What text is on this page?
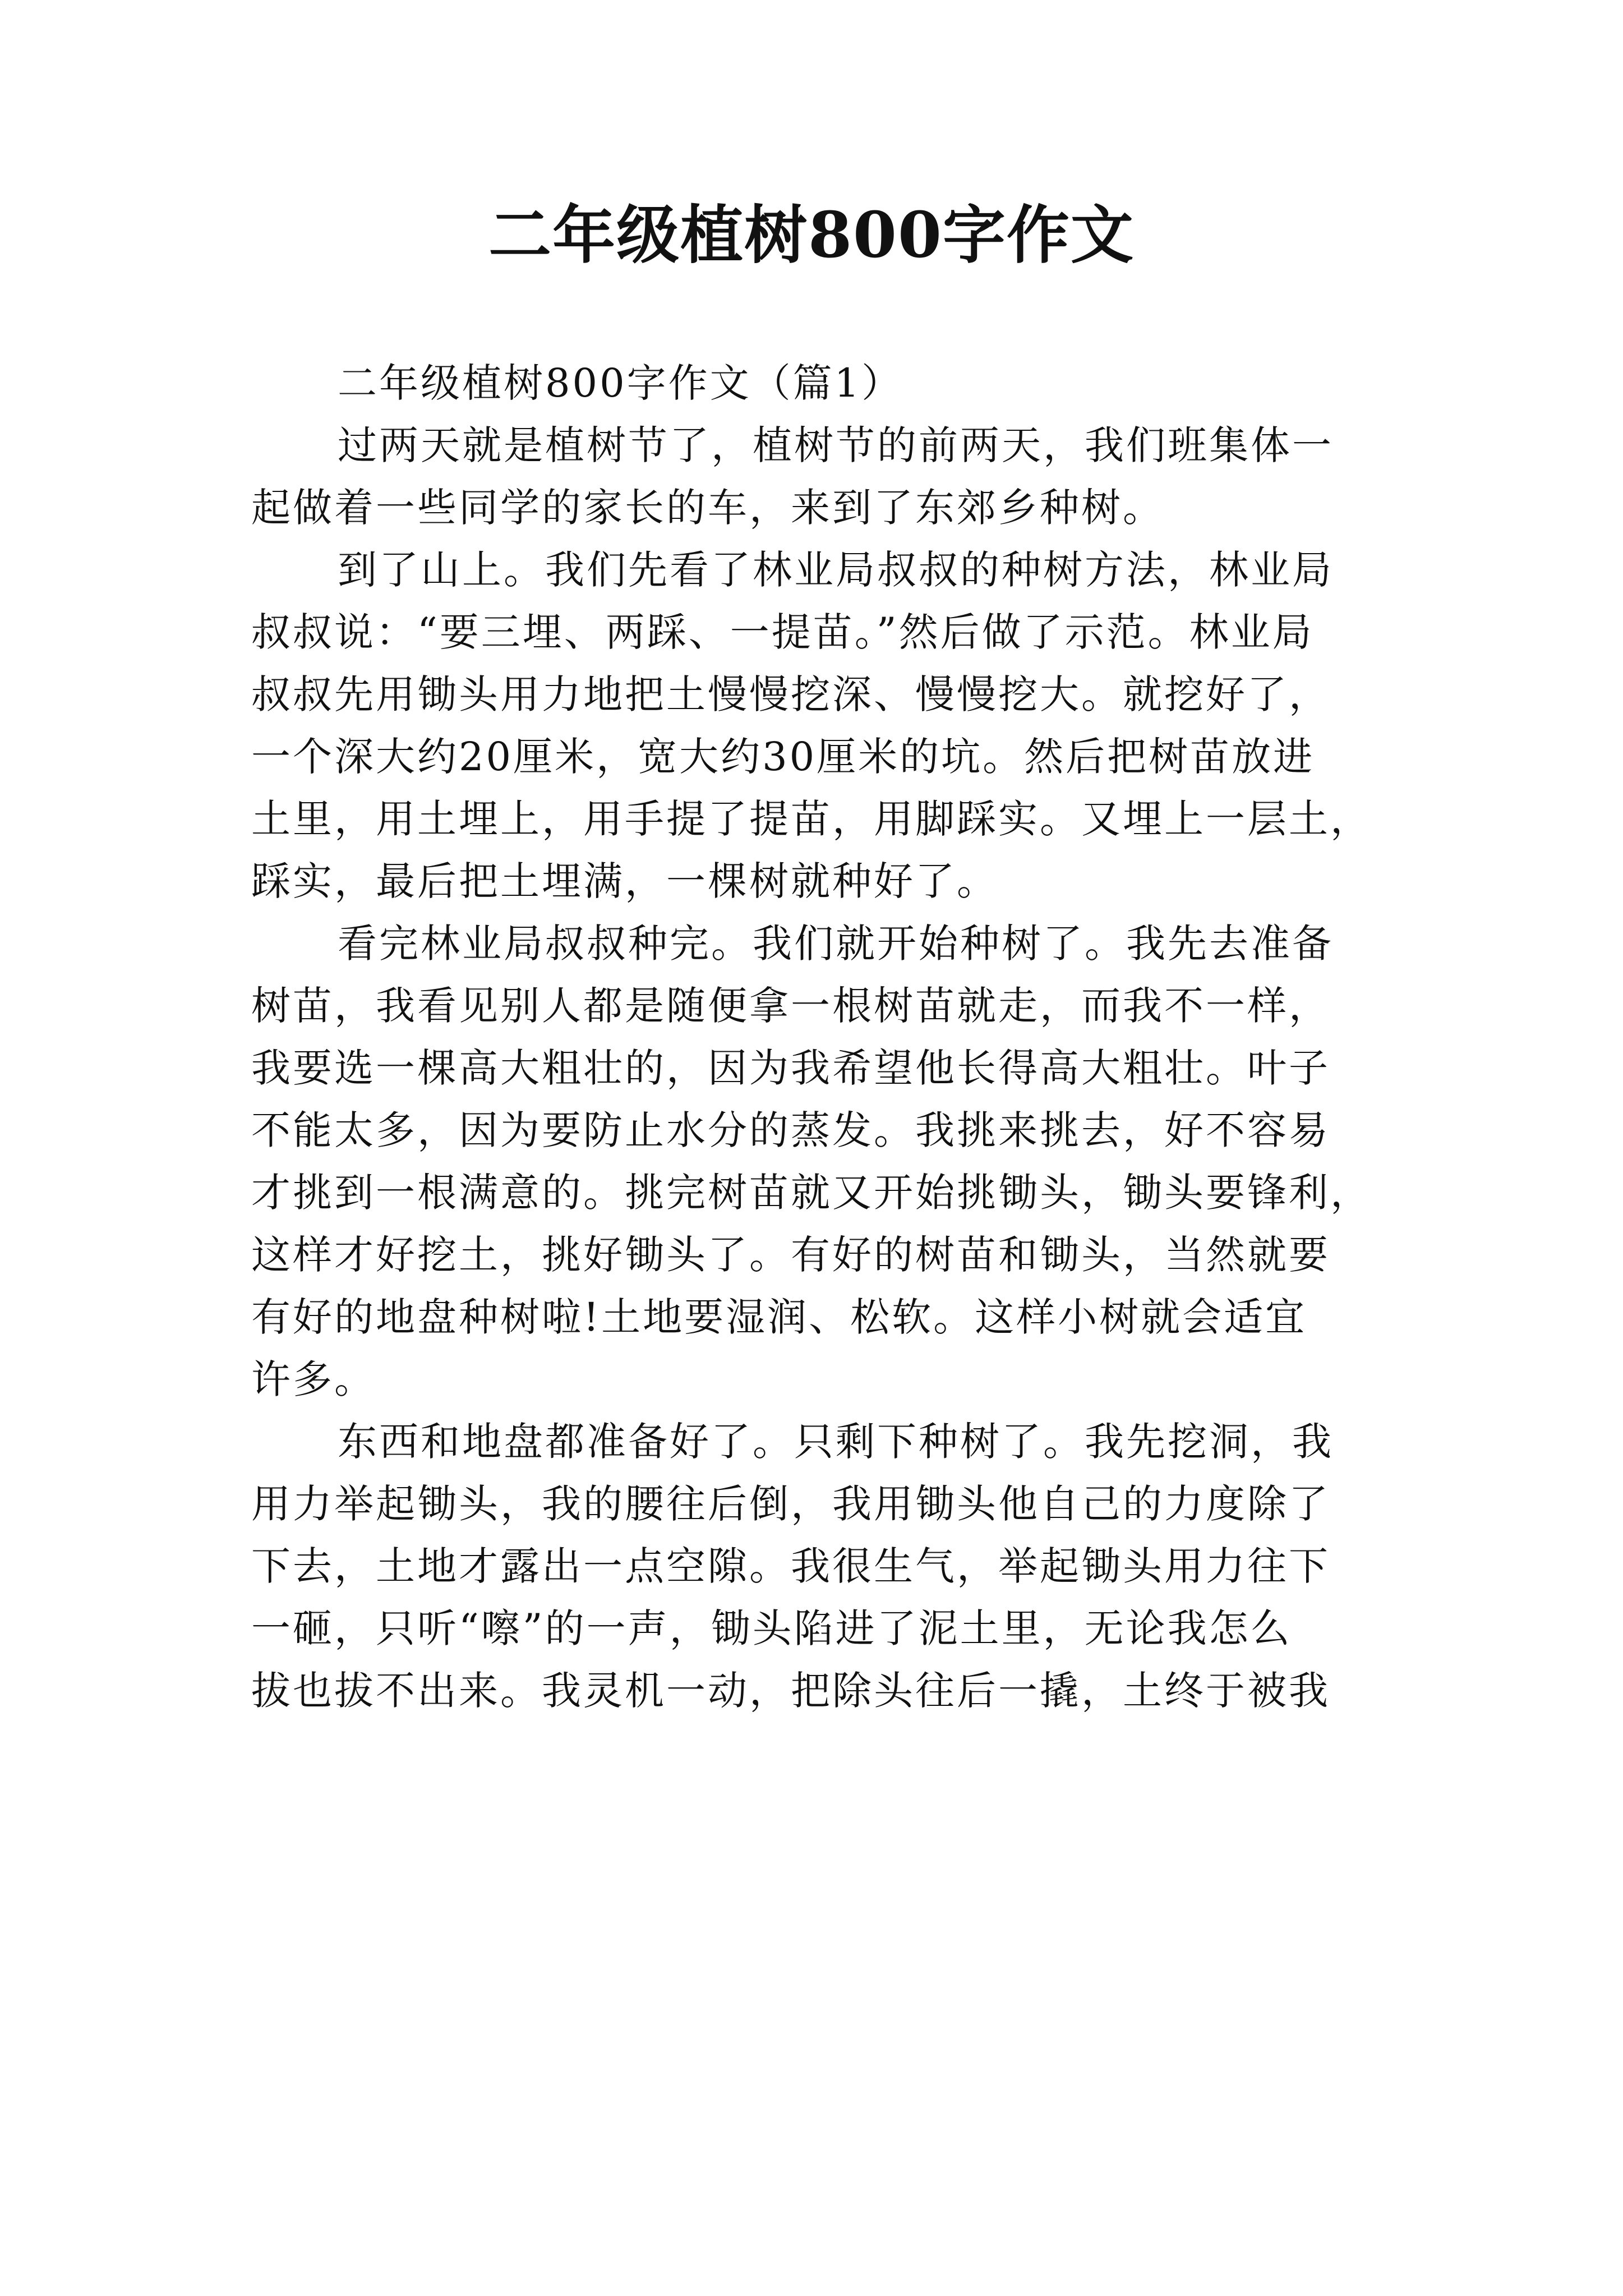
二年级植树800字作文
二年级植树800字作文（篇1）
过两天就是植树节了，植树节的前两天，我们班集体一
起做着一些同学的家长的车，来到了东郊乡种树。
到了山上。我们先看了林业局叔叔的种树方法，林业局
叔叔说：“要三埋、两踩、一提苗。”然后做了示范。林业局
叔叔先用锄头用力地把土慢慢挖深、慢慢挖大。就挖好了，
一个深大约20厘米，宽大约30厘米的坑。然后把树苗放进
土里，用土埋上，用手提了提苗，用脚踩实。又埋上一层土，
踩实，最后把土埋满，一棵树就种好了。
看完林业局叔叔种完。我们就开始种树了。我先去准备
树苗，我看见别人都是随便拿一根树苗就走，而我不一样，
我要选一棵高大粗壮的，因为我希望他长得高大粗壮。叶子
不能太多，因为要防止水分的蒸发。我挑来挑去，好不容易
才挑到一根满意的。挑完树苗就又开始挑锄头，锄头要锋利，
这样才好挖土，挑好锄头了。有好的树苗和锄头，当然就要
有好的地盘种树啦!土地要湿润、松软。这样小树就会适宜
许多。
东西和地盘都准备好了。只剩下种树了。我先挖洞，我
用力举起锄头，我的腰往后倒，我用锄头他自己的力度除了
下去，土地才露出一点空隙。我很生气，举起锄头用力往下
一砸，只听“嚓”的一声，锄头陷进了泥土里，无论我怎么
拔也拔不出来。我灵机一动，把除头往后一撬，土终于被我
